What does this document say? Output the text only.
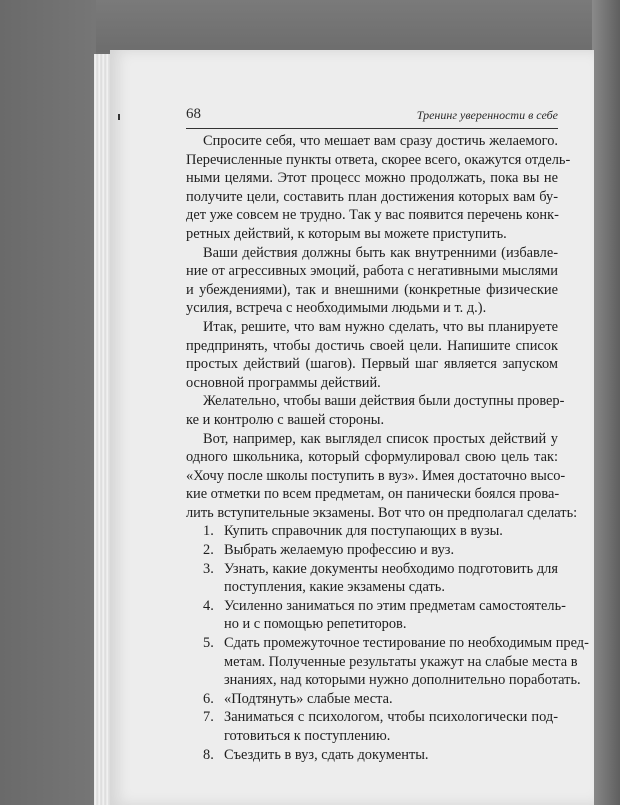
68	Тренинг уверенности в себе
Спросите себя, что мешает вам сразу достичь желаемого.
Перечисленные пункты ответа, скорее всего, окажутся отдель-
ными целями. Этот процесс можно продолжать, пока вы не
получите цели, составить план достижения которых вам бу-
дет уже совсем не трудно. Так у вас появится перечень конк-
ретных действий, к которым вы можете приступить.
Ваши действия должны быть как внутренними (избавле-
ние от агрессивных эмоций, работа с негативными мыслями
и убеждениями), так и внешними (конкретные физические
усилия, встреча с необходимыми людьми и т. д.).
Итак, решите, что вам нужно сделать, что вы планируете
предпринять, чтобы достичь своей цели. Напишите список
простых действий (шагов). Первый шаг является запуском
основной программы действий.
Желательно, чтобы ваши действия были доступны провер-
ке и контролю с вашей стороны.
Вот, например, как выглядел список простых действий у
одного школьника, который сформулировал свою цель так:
«Хочу после школы поступить в вуз». Имея достаточно высо-
кие отметки по всем предметам, он панически боялся прова-
лить вступительные экзамены. Вот что он предполагал сделать:
1. Купить справочник для поступающих в вузы.
2. Выбрать желаемую профессию и вуз.
3. Узнать, какие документы необходимо подготовить для
поступления, какие экзамены сдать.
4. Усиленно заниматься по этим предметам самостоятель-
но и с помощью репетиторов.
5. Сдать промежуточное тестирование по необходимым пред-
метам. Полученные результаты укажут на слабые места в
знаниях, над которыми нужно дополнительно поработать.
6. «Подтянуть» слабые места.
7. Заниматься с психологом, чтобы психологически под-
готовиться к поступлению.
8. Съездить в вуз, сдать документы.
